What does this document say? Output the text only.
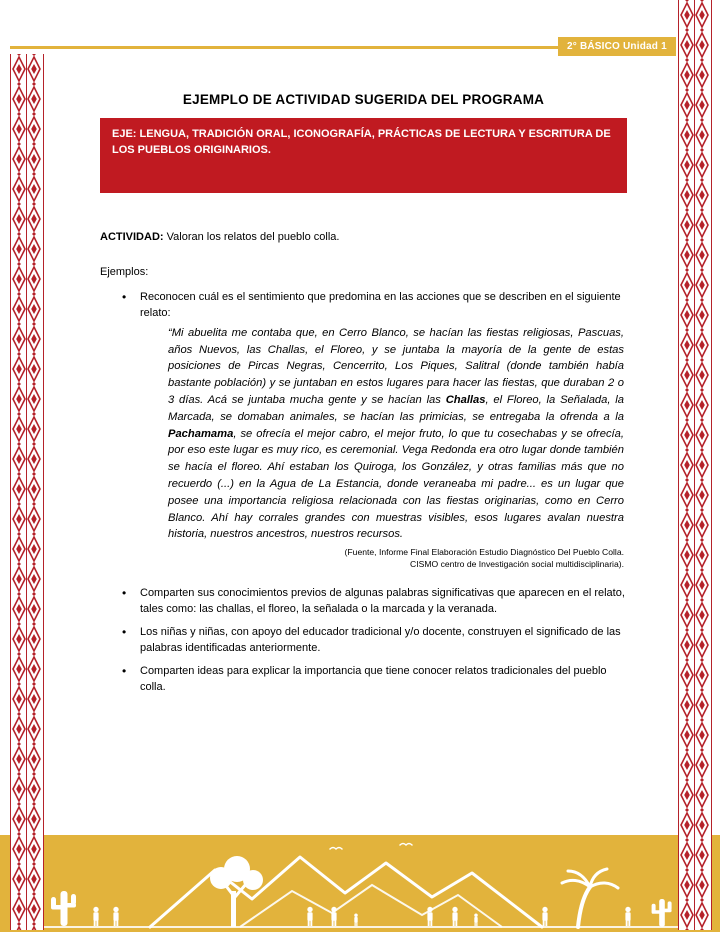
2° BÁSICO Unidad 1
EJEMPLO DE ACTIVIDAD SUGERIDA DEL PROGRAMA
EJE: LENGUA, TRADICIÓN ORAL, ICONOGRAFÍA, PRÁCTICAS DE LECTURA Y ESCRITURA DE LOS PUEBLOS ORIGINARIOS.
ACTIVIDAD: Valoran los relatos del pueblo colla.
Ejemplos:
• Reconocen cuál es el sentimiento que predomina en las acciones que se describen en el siguiente relato:
“Mi abuelita me contaba que, en Cerro Blanco, se hacían las fiestas religiosas, Pascuas, años Nuevos, las Challas, el Floreo, y se juntaba la mayoría de la gente de estas posiciones de Pircas Negras, Cencerrito, Los Piques, Salitral (donde también había bastante población) y se juntaban en estos lugares para hacer las fiestas, que duraban 2 o 3 días. Acá se juntaba mucha gente y se hacían las Challas, el Floreo, la Señalada, la Marcada, se domaban animales, se hacían las primicias, se entregaba la ofrenda a la Pachamama, se ofrecía el mejor cabro, el mejor fruto, lo que tu cosechabas y se ofrecía, por eso este lugar es muy rico, es ceremonial. Vega Redonda era otro lugar donde también se hacía el floreo. Ahí estaban los Quiroga, los González, y otras familias más que no recuerdo (...) en la Agua de La Estancia, donde veraneaba mi padre... es un lugar que posee una importancia religiosa relacionada con las fiestas originarias, como en Cerro Blanco. Ahí hay corrales grandes con muestras visibles, esos lugares avalan nuestra historia, nuestros ancestros, nuestros recursos.
(Fuente, Informe Final Elaboración Estudio Diagnóstico Del Pueblo Colla.
CISMO centro de Investigación social multidisciplinaria).
• Comparten sus conocimientos previos de algunas palabras significativas que aparecen en el relato, tales como: las challas, el floreo, la señalada o la marcada y la veranada.
• Los niñas y niñas, con apoyo del educador tradicional y/o docente, construyen el significado de las palabras identificadas anteriormente.
• Comparten ideas para explicar la importancia que tiene conocer relatos tradicionales del pueblo colla.
